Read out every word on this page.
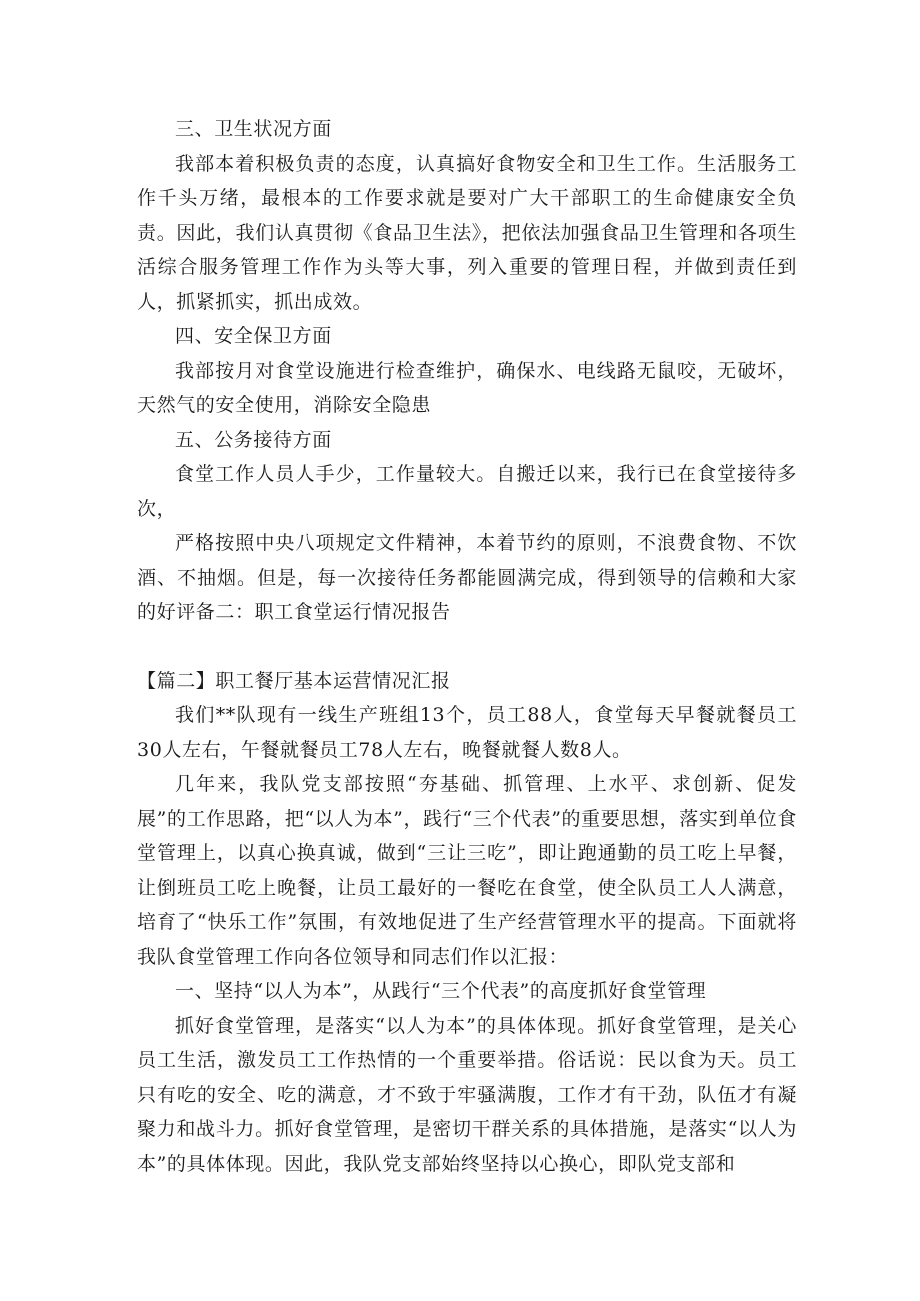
三、卫生状况方面

我部本着积极负责的态度，认真搞好食物安全和卫生工作。生活服务工作千头万绪，最根本的工作要求就是要对广大干部职工的生命健康安全负责。因此，我们认真贯彻《食品卫生法》，把依法加强食品卫生管理和各项生活综合服务管理工作作为头等大事，列入重要的管理日程，并做到责任到人，抓紧抓实，抓出成效。

四、安全保卫方面

我部按月对食堂设施进行检查维护，确保水、电线路无鼠咬，无破坏，天然气的安全使用，消除安全隐患

五、公务接待方面

食堂工作人员人手少，工作量较大。自搬迁以来，我行已在食堂接待多次，

严格按照中央八项规定文件精神，本着节约的原则，不浪费食物、不饮酒、不抽烟。但是，每一次接待任务都能圆满完成，得到领导的信赖和大家的好评备二：职工食堂运行情况报告

【篇二】职工餐厅基本运营情况汇报

我们**队现有一线生产班组13个，员工88人，食堂每天早餐就餐员工30人左右，午餐就餐员工78人左右，晚餐就餐人数8人。

几年来，我队党支部按照“夯基础、抓管理、上水平、求创新、促发展”的工作思路，把“以人为本”，践行“三个代表”的重要思想，落实到单位食堂管理上，以真心换真诚，做到“三让三吃”，即让跑通勤的员工吃上早餐，让倒班员工吃上晚餐，让员工最好的一餐吃在食堂，使全队员工人人满意，培育了“快乐工作”氛围，有效地促进了生产经营管理水平的提高。下面就将我队食堂管理工作向各位领导和同志们作以汇报：

一、坚持“以人为本”，从践行“三个代表”的高度抓好食堂管理

抓好食堂管理，是落实“以人为本”的具体体现。抓好食堂管理，是关心员工生活，激发员工工作热情的一个重要举措。俗话说：民以食为天。员工只有吃的安全、吃的满意，才不致于牢骚满腹，工作才有干劲，队伍才有凝聚力和战斗力。抓好食堂管理，是密切干群关系的具体措施，是落实“以人为本”的具体体现。因此，我队党支部始终坚持以心换心，即队党支部和
